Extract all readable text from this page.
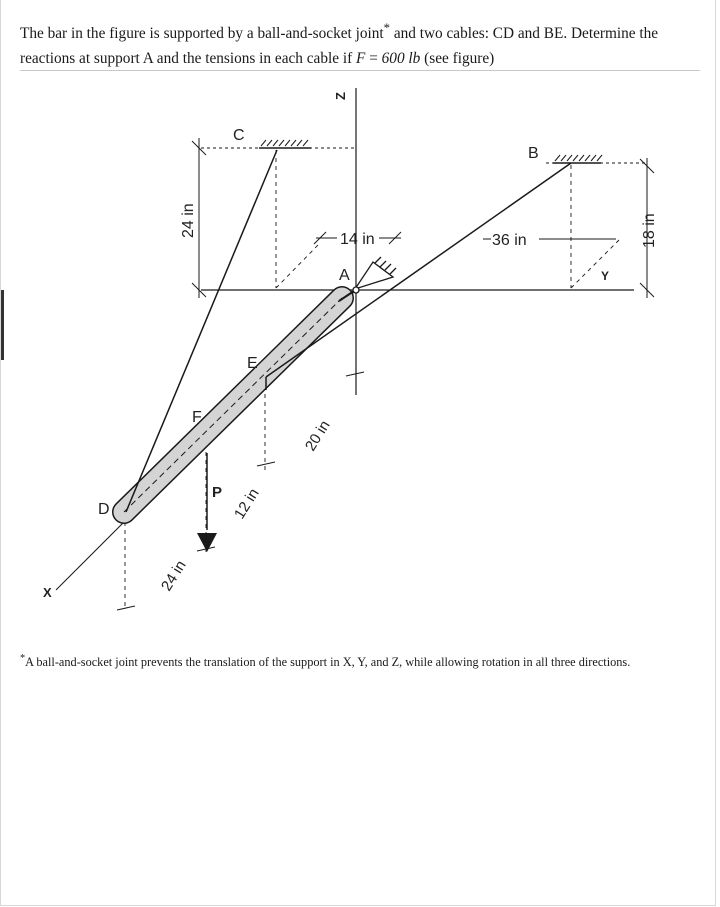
The bar in the figure is supported by a ball-and-socket joint* and two cables: CD and BE. Determine the reactions at support A and the tensions in each cable if F = 600 lb (see figure)

Z
Y
X
C
B
A
E
F
D
P
24 in
14 in	36 in	18 in
20 in
12 in
24 in
*A ball-and-socket joint prevents the translation of the support in X, Y, and Z, while allowing rotation in all three directions.
